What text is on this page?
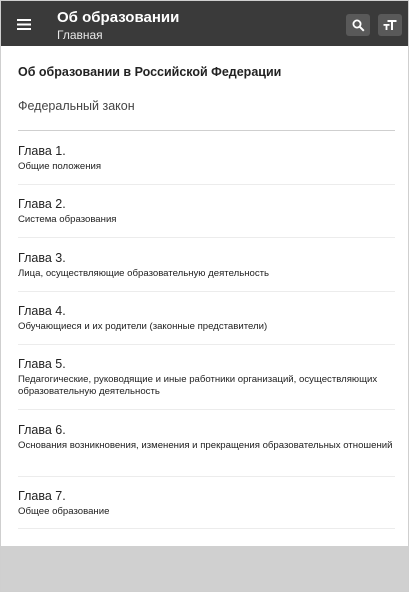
Об образовании
Главная
Об образовании в Российской Федерации
Федеральный закон
Глава 1.
Общие положения
Глава 2.
Система образования
Глава 3.
Лица, осуществляющие образовательную деятельность
Глава 4.
Обучающиеся и их родители (законные представители)
Глава 5.
Педагогические, руководящие и иные работники организаций, осуществляющих образовательную деятельность
Глава 6.
Основания возникновения, изменения и прекращения образовательных отношений
Глава 7.
Общее образование
